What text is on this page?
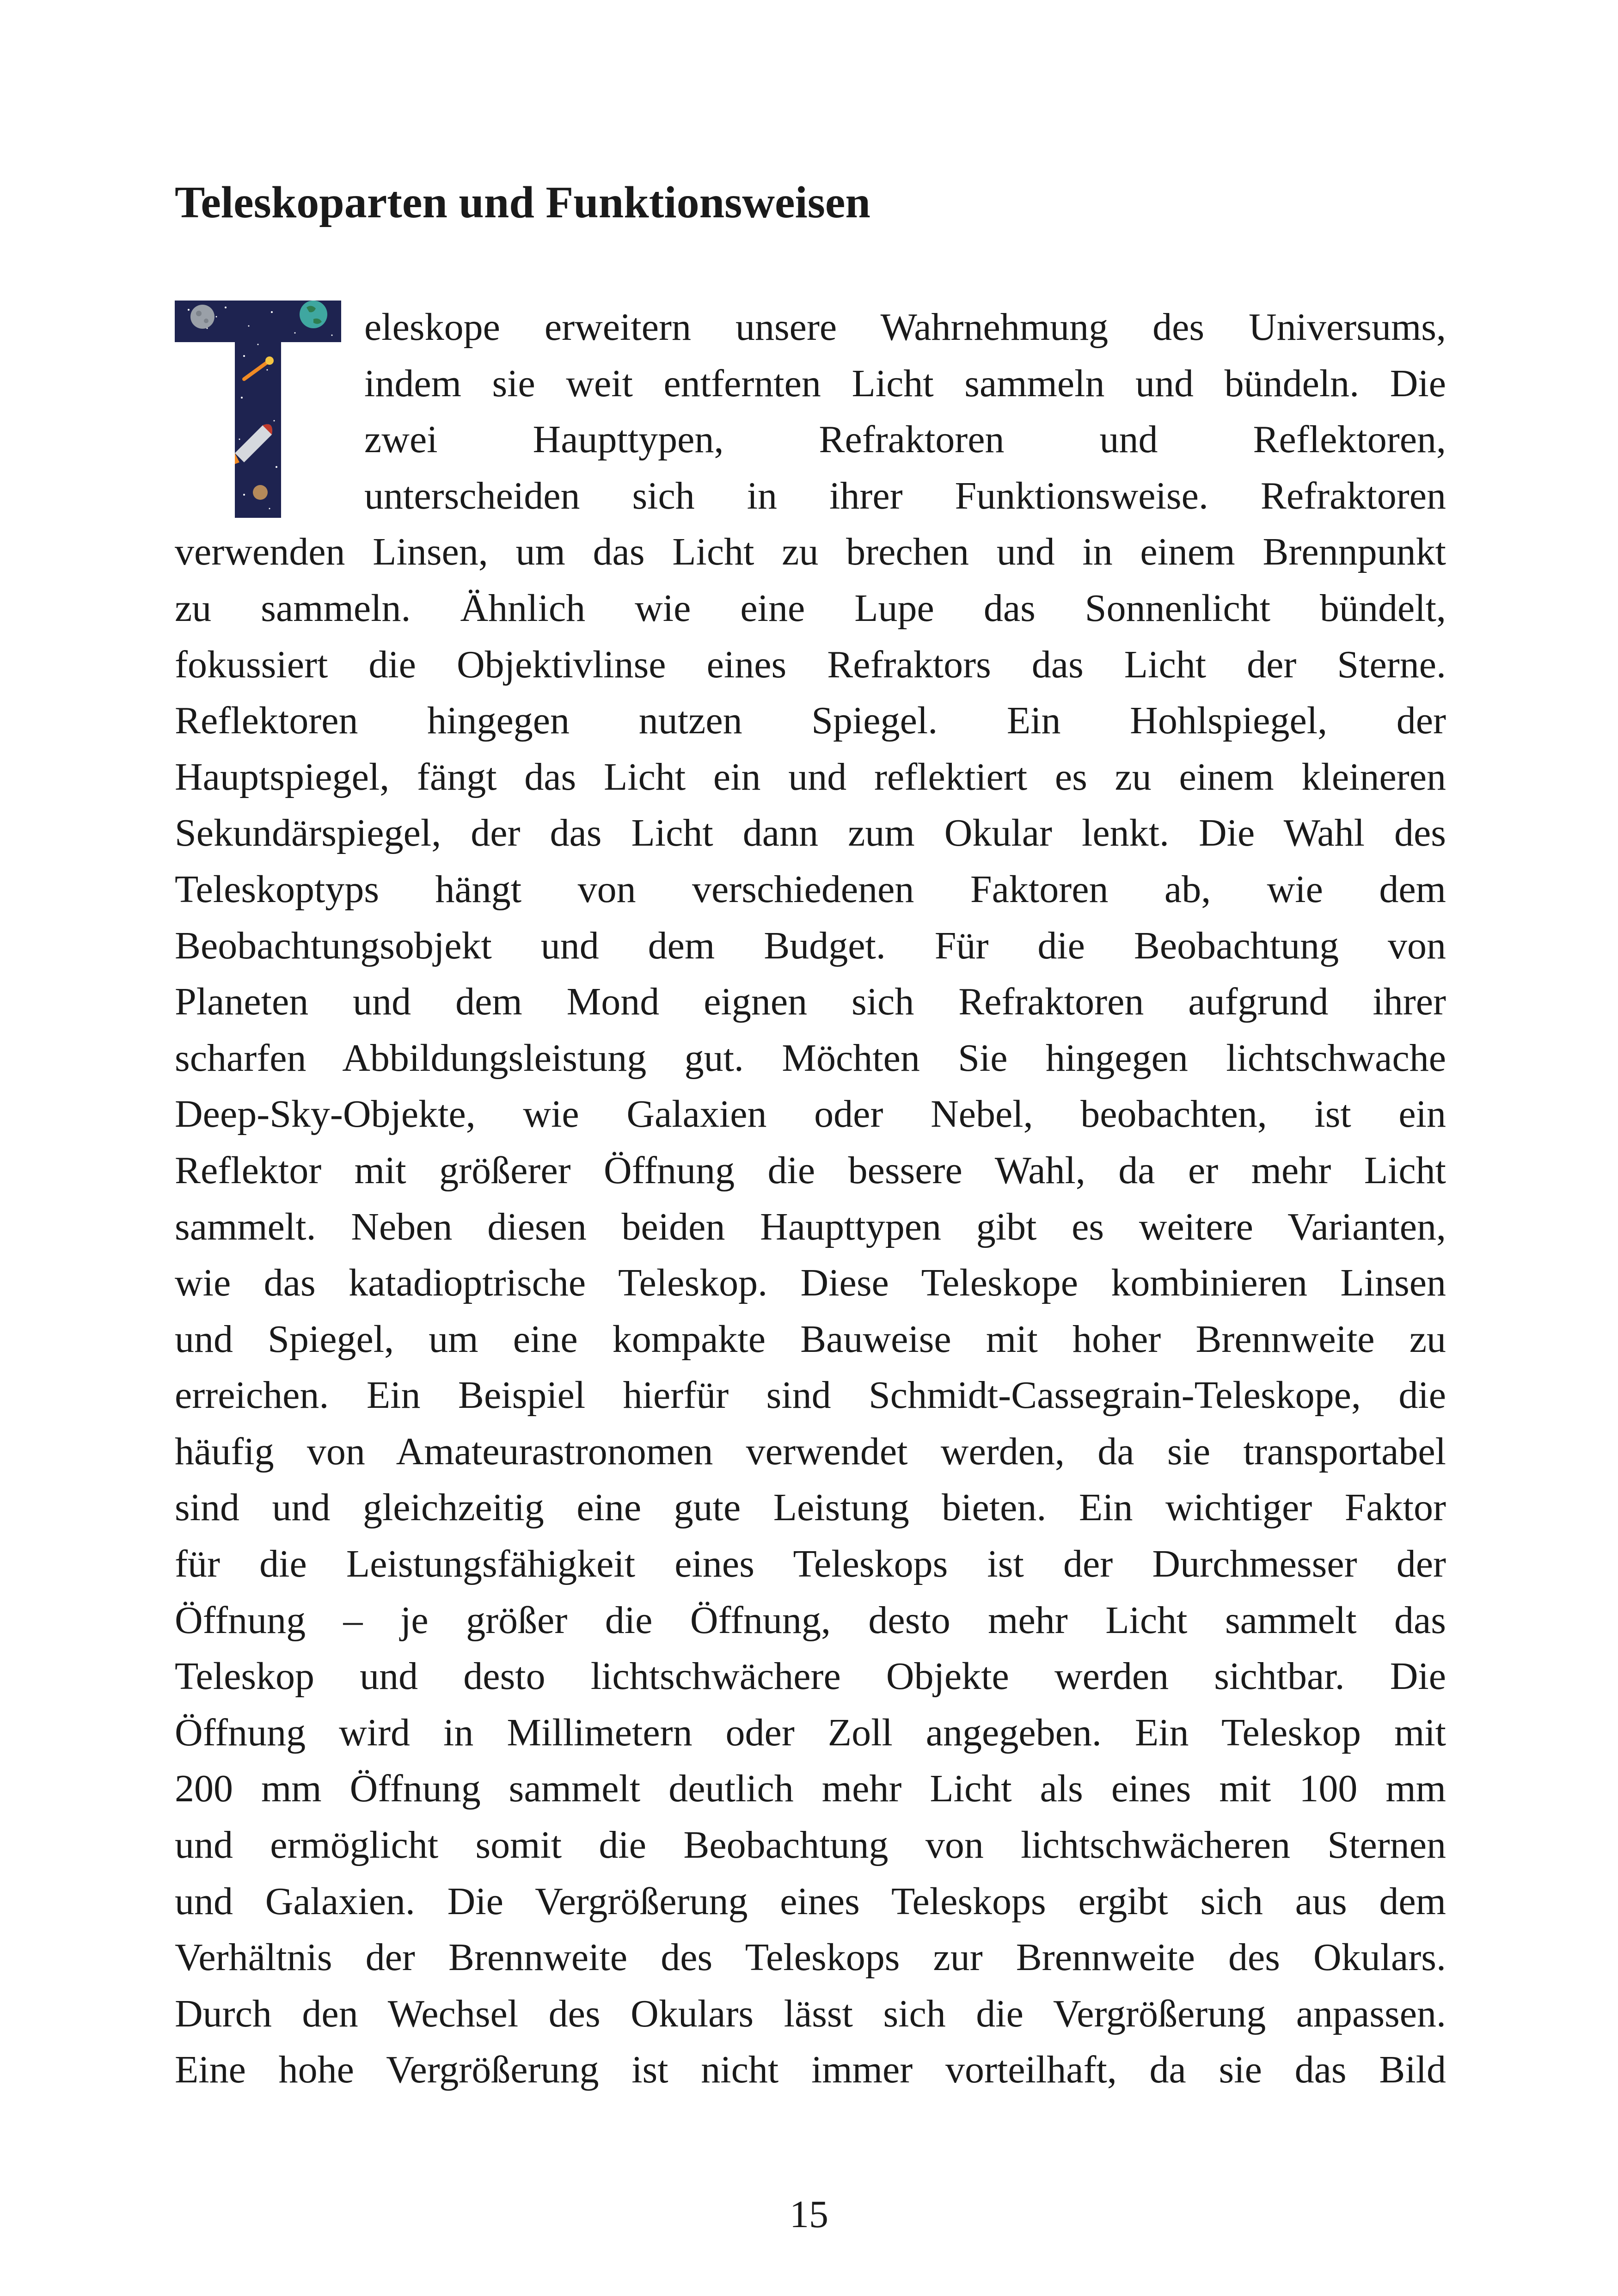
Teleskoparten und Funktionsweisen
eleskope erweitern unsere Wahrnehmung des Universums,
indem sie weit entfernten Licht sammeln und bündeln. Die
zwei Haupttypen, Refraktoren und Reflektoren,
unterscheiden sich in ihrer Funktionsweise. Refraktoren
verwenden Linsen, um das Licht zu brechen und in einem Brennpunkt
zu sammeln. Ähnlich wie eine Lupe das Sonnenlicht bündelt,
fokussiert die Objektivlinse eines Refraktors das Licht der Sterne.
Reflektoren hingegen nutzen Spiegel. Ein Hohlspiegel, der
Hauptspiegel, fängt das Licht ein und reflektiert es zu einem kleineren
Sekundärspiegel, der das Licht dann zum Okular lenkt. Die Wahl des
Teleskoptyps hängt von verschiedenen Faktoren ab, wie dem
Beobachtungsobjekt und dem Budget. Für die Beobachtung von
Planeten und dem Mond eignen sich Refraktoren aufgrund ihrer
scharfen Abbildungsleistung gut. Möchten Sie hingegen lichtschwache
Deep-Sky-Objekte, wie Galaxien oder Nebel, beobachten, ist ein
Reflektor mit größerer Öffnung die bessere Wahl, da er mehr Licht
sammelt. Neben diesen beiden Haupttypen gibt es weitere Varianten,
wie das katadioptrische Teleskop. Diese Teleskope kombinieren Linsen
und Spiegel, um eine kompakte Bauweise mit hoher Brennweite zu
erreichen. Ein Beispiel hierfür sind Schmidt-Cassegrain-Teleskope, die
häufig von Amateurastronomen verwendet werden, da sie transportabel
sind und gleichzeitig eine gute Leistung bieten. Ein wichtiger Faktor
für die Leistungsfähigkeit eines Teleskops ist der Durchmesser der
Öffnung – je größer die Öffnung, desto mehr Licht sammelt das
Teleskop und desto lichtschwächere Objekte werden sichtbar. Die
Öffnung wird in Millimetern oder Zoll angegeben. Ein Teleskop mit
200 mm Öffnung sammelt deutlich mehr Licht als eines mit 100 mm
und ermöglicht somit die Beobachtung von lichtschwächeren Sternen
und Galaxien. Die Vergrößerung eines Teleskops ergibt sich aus dem
Verhältnis der Brennweite des Teleskops zur Brennweite des Okulars.
Durch den Wechsel des Okulars lässt sich die Vergrößerung anpassen.
Eine hohe Vergrößerung ist nicht immer vorteilhaft, da sie das Bild
15
